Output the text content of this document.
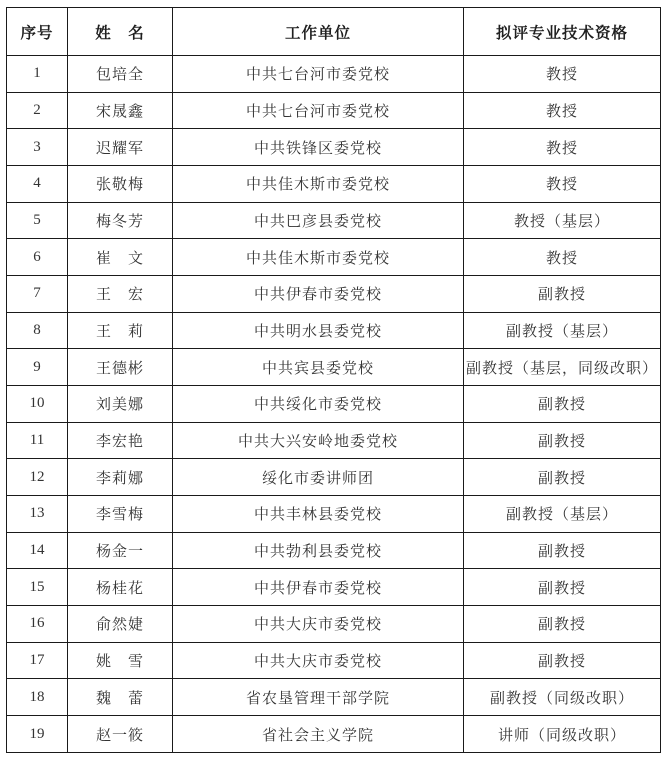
序号	姓　名	工作单位	拟评专业技术资格
1	包培全	中共七台河市委党校	教授
2	宋晟鑫	中共七台河市委党校	教授
3	迟耀军	中共铁锋区委党校	教授
4	张敬梅	中共佳木斯市委党校	教授
5	梅冬芳	中共巴彦县委党校	教授（基层）
6	崔　文	中共佳木斯市委党校	教授
7	王　宏	中共伊春市委党校	副教授
8	王　莉	中共明水县委党校	副教授（基层）
9	王德彬	中共宾县委党校	副教授（基层，同级改职）
10	刘美娜	中共绥化市委党校	副教授
11	李宏艳	中共大兴安岭地委党校	副教授
12	李莉娜	绥化市委讲师团	副教授
13	李雪梅	中共丰林县委党校	副教授（基层）
14	杨金一	中共勃利县委党校	副教授
15	杨桂花	中共伊春市委党校	副教授
16	俞然婕	中共大庆市委党校	副教授
17	姚　雪	中共大庆市委党校	副教授
18	魏　蕾	省农垦管理干部学院	副教授（同级改职）
19	赵一筱	省社会主义学院	讲师（同级改职）
